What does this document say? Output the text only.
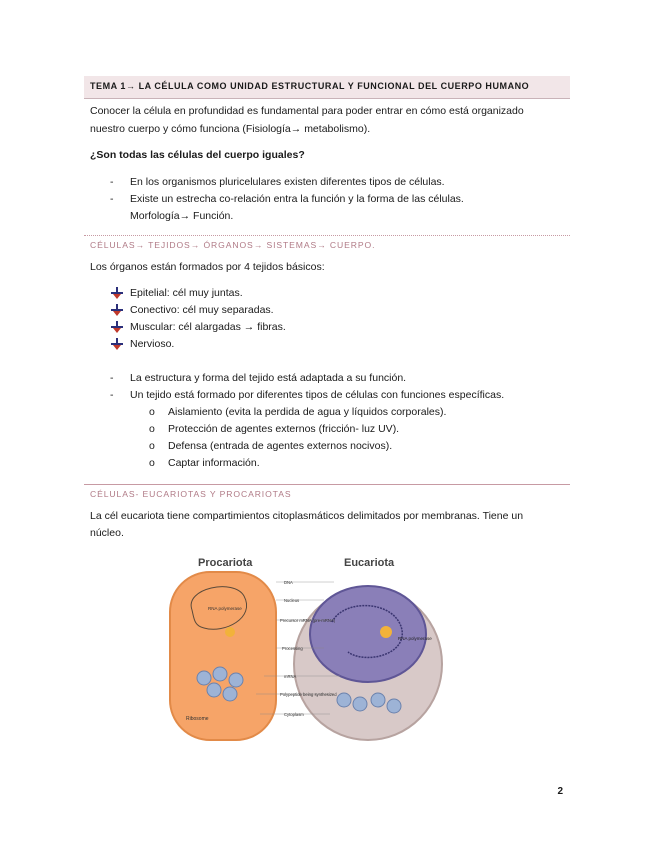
TEMA 1→ LA CÉLULA COMO UNIDAD ESTRUCTURAL Y FUNCIONAL DEL CUERPO HUMANO
Conocer la célula en profundidad es fundamental para poder entrar en cómo está organizado
nuestro cuerpo y cómo funciona (Fisiología→ metabolismo).
¿Son todas las células del cuerpo iguales?
- En los organismos pluricelulares existen diferentes tipos de células.
- Existe un estrecha co-relación entra la función y la forma de las células.
Morfología→ Función.
CÉLULAS→ TEJIDOS→ ÓRGANOS→ SISTEMAS→ CUERPO.
Los órganos están formados por 4 tejidos básicos:
Epitelial: cél muy juntas.
Conectivo: cél muy separadas.
Muscular: cél alargadas → fibras.
Nervioso.
- La estructura y forma del tejido está adaptada a su función.
- Un tejido está formado por diferentes tipos de células con funciones específicas.
o Aislamiento (evita la perdida de agua y líquidos corporales).
o Protección de agentes externos (fricción- luz UV).
o Defensa (entrada de agentes externos nocivos).
o Captar información.
CÉLULAS- EUCARIOTAS Y PROCARIOTAS
La cél eucariota tiene compartimientos citoplasmáticos delimitados por membranas. Tiene un
núcleo.
Procariota	Eucariota
RNA polymerase
Ribosome
RNA polymerase
DNA
Nucleus
Precursor mRNA (pre-mRNA)
Processing
mRNA
Polypeptide being synthesized
Cytoplasm
2
